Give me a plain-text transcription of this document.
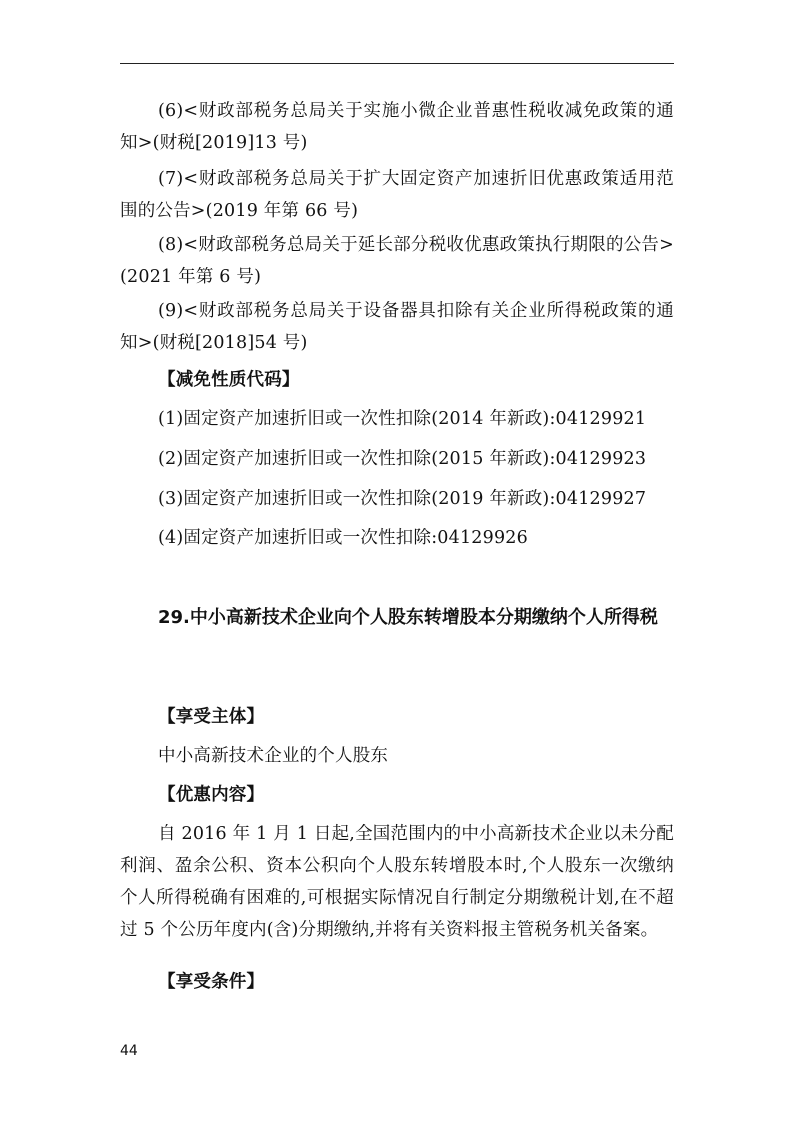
(6)<财政部税务总局关于实施小微企业普惠性税收减免政策的通知>(财税[2019]13 号)

(7)<财政部税务总局关于扩大固定资产加速折旧优惠政策适用范围的公告>(2019 年第 66 号)

(8)<财政部税务总局关于延长部分税收优惠政策执行期限的公告>(2021 年第 6 号)

(9)<财政部税务总局关于设备器具扣除有关企业所得税政策的通知>(财税[2018]54 号)

【减免性质代码】

(1)固定资产加速折旧或一次性扣除(2014 年新政):04129921

(2)固定资产加速折旧或一次性扣除(2015 年新政):04129923

(3)固定资产加速折旧或一次性扣除(2019 年新政):04129927

(4)固定资产加速折旧或一次性扣除:04129926

29.中小高新技术企业向个人股东转增股本分期缴纳个人所得税

【享受主体】

中小高新技术企业的个人股东

【优惠内容】

自 2016 年 1 月 1 日起,全国范围内的中小高新技术企业以未分配利润、盈余公积、资本公积向个人股东转增股本时,个人股东一次缴纳个人所得税确有困难的,可根据实际情况自行制定分期缴税计划,在不超过 5 个公历年度内(含)分期缴纳,并将有关资料报主管税务机关备案。

【享受条件】

44
